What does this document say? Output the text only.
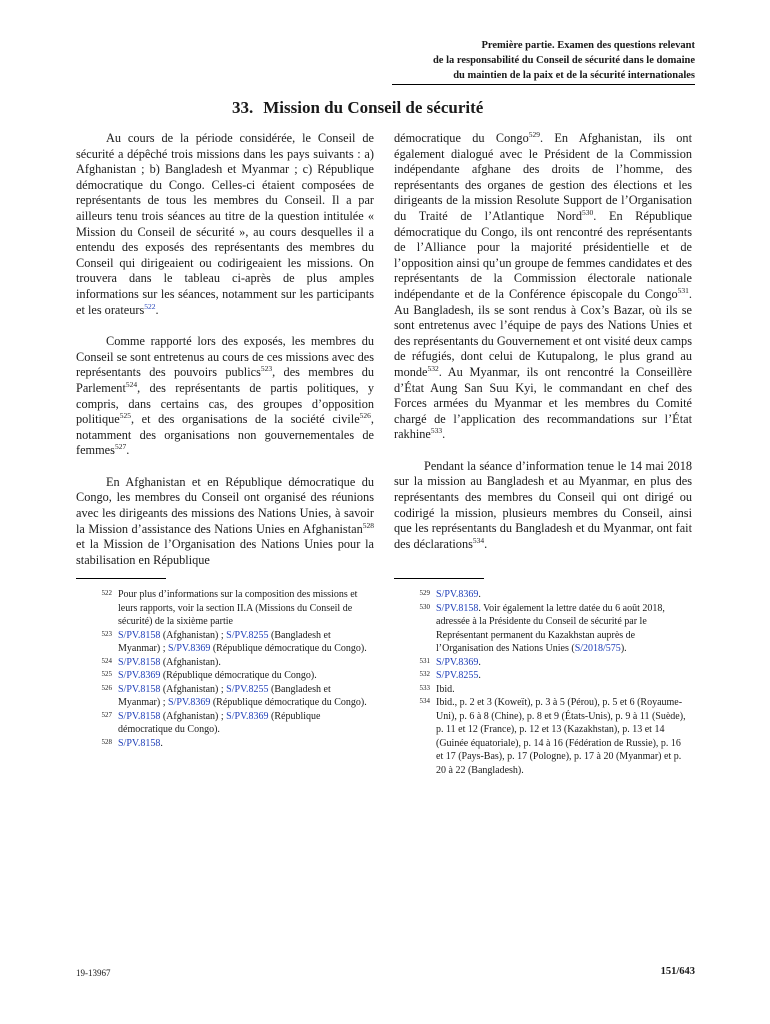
Première partie. Examen des questions relevant
de la responsabilité du Conseil de sécurité dans le domaine
du maintien de la paix et de la sécurité internationales
33. Mission du Conseil de sécurité

Au cours de la période considérée, le Conseil de sécurité a dépêché trois missions dans les pays suivants : a) Afghanistan ; b) Bangladesh et Myanmar ; c) République démocratique du Congo. Celles-ci étaient composées de représentants de tous les membres du Conseil. Il a par ailleurs tenu trois séances au titre de la question intitulée « Mission du Conseil de sécurité », au cours desquelles il a entendu des exposés des représentants des membres du Conseil qui dirigeaient ou codirigeaient les missions. On trouvera dans le tableau ci-après de plus amples informations sur les séances, notamment sur les participants et les orateurs$^{522}$.

Comme rapporté lors des exposés, les membres du Conseil se sont entretenus au cours de ces missions avec des représentants des pouvoirs publics$^{523}$, des membres du Parlement$^{524}$, des représentants de partis politiques, y compris, dans certains cas, des groupes d’opposition politique$^{525}$, et des organisations de la société civile$^{526}$, notamment des organisations non gouvernementales de femmes$^{527}$.

En Afghanistan et en République démocratique du Congo, les membres du Conseil ont organisé des réunions avec les dirigeants des missions des Nations Unies, à savoir la Mission d’assistance des Nations Unies en Afghanistan$^{528}$ et la Mission de l’Organisation des Nations Unies pour la stabilisation en République

démocratique du Congo$^{529}$. En Afghanistan, ils ont également dialogué avec le Président de la Commission indépendante afghane des droits de l’homme, des représentants des organes de gestion des élections et les dirigeants de la mission Resolute Support de l’Organisation du Traité de l’Atlantique Nord$^{530}$. En République démocratique du Congo, ils ont rencontré des représentants de l’Alliance pour la majorité présidentielle et de l’opposition ainsi qu’un groupe de femmes candidates et des représentants de la Commission électorale nationale indépendante et de la Conférence épiscopale du Congo$^{531}$. Au Bangladesh, ils se sont rendus à Cox’s Bazar, où ils se sont entretenus avec l’équipe de pays des Nations Unies et des représentants du Gouvernement et ont visité deux camps de réfugiés, dont celui de Kutupalong, le plus grand au monde$^{532}$. Au Myanmar, ils ont rencontré la Conseillère d’État Aung San Suu Kyi, le commandant en chef des Forces armées du Myanmar et les membres du Comité chargé de l’application des recommandations sur l’État rakhine$^{533}$.

Pendant la séance d’information tenue le 14 mai 2018 sur la mission au Bangladesh et au Myanmar, en plus des représentants des membres du Conseil qui ont dirigé ou codirigé la mission, plusieurs membres du Conseil, ainsi que les représentants du Bangladesh et du Myanmar, ont fait des déclarations$^{534}$.

522 Pour plus d’informations sur la composition des missions et leurs rapports, voir la section II.A (Missions du Conseil de sécurité) de la sixième partie
523 S/PV.8158 (Afghanistan) ; S/PV.8255 (Bangladesh et Myanmar) ; S/PV.8369 (République démocratique du Congo).
524 S/PV.8158 (Afghanistan).
525 S/PV.8369 (République démocratique du Congo).
526 S/PV.8158 (Afghanistan) ; S/PV.8255 (Bangladesh et Myanmar) ; S/PV.8369 (République démocratique du Congo).
527 S/PV.8158 (Afghanistan) ; S/PV.8369 (République démocratique du Congo).
528 S/PV.8158.
529 S/PV.8369.
530 S/PV.8158. Voir également la lettre datée du 6 août 2018, adressée à la Présidente du Conseil de sécurité par le Représentant permanent du Kazakhstan auprès de l’Organisation des Nations Unies (S/2018/575).
531 S/PV.8369.
532 S/PV.8255.
533 Ibid.
534 Ibid., p. 2 et 3 (Koweït), p. 3 à 5 (Pérou), p. 5 et 6 (Royaume-Uni), p. 6 à 8 (Chine), p. 8 et 9 (États-Unis), p. 9 à 11 (Suède), p. 11 et 12 (France), p. 12 et 13 (Kazakhstan), p. 13 et 14 (Guinée équatoriale), p. 14 à 16 (Fédération de Russie), p. 16 et 17 (Pays-Bas), p. 17 (Pologne), p. 17 à 20 (Myanmar) et p. 20 à 22 (Bangladesh).
19-13967	151/643
